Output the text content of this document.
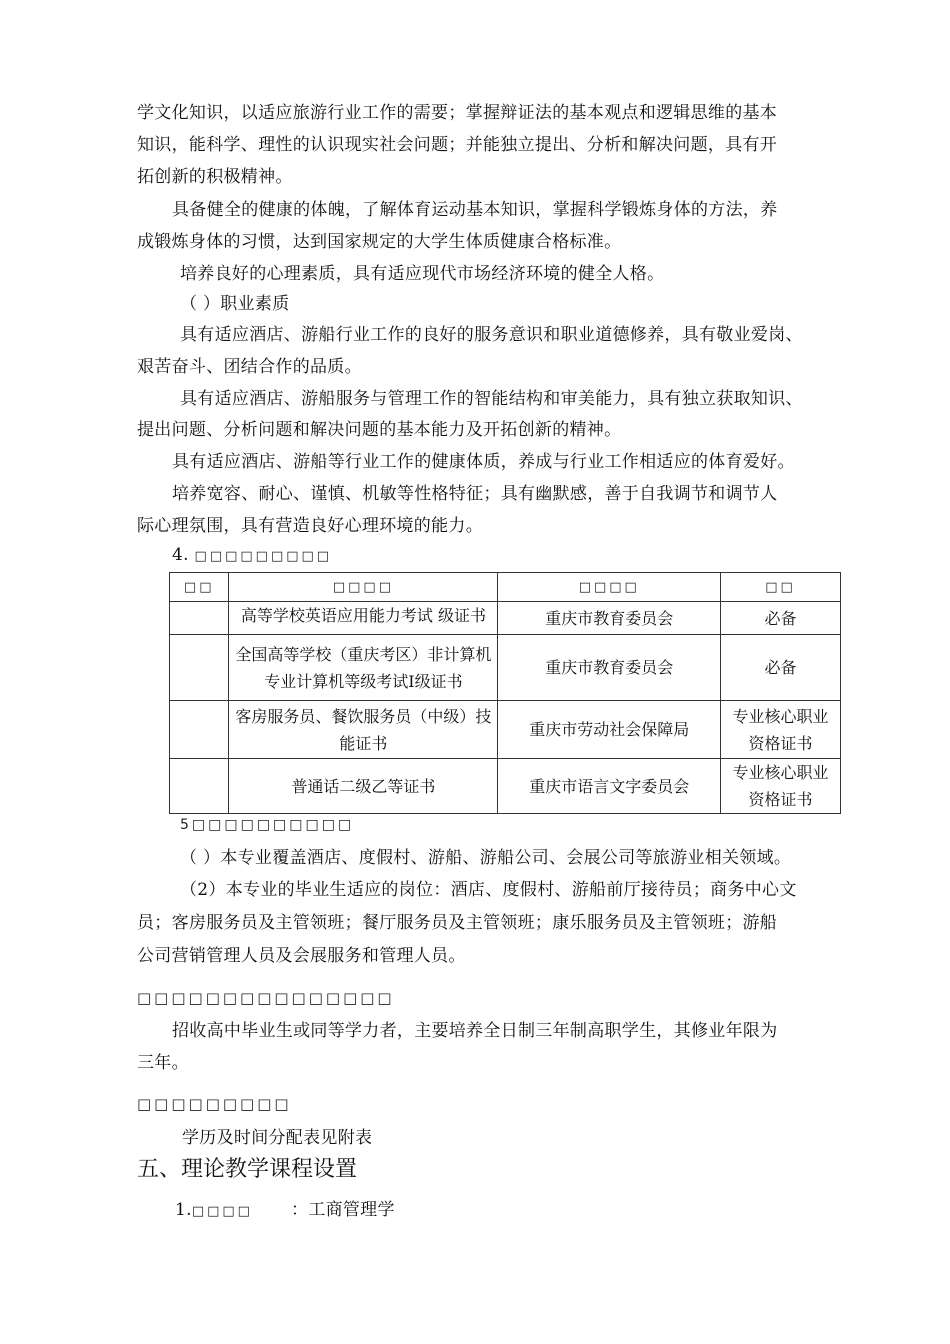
学文化知识，以适应旅游行业工作的需要；掌握辩证法的基本观点和逻辑思维的基本
知识，能科学、理性的认识现实社会问题；并能独立提出、分析和解决问题，具有开
拓创新的积极精神。
具备健全的健康的体魄，了解体育运动基本知识，掌握科学锻炼身体的方法，养
成锻炼身体的习惯，达到国家规定的大学生体质健康合格标准。
培养良好的心理素质，具有适应现代市场经济环境的健全人格。
（ ）职业素质
具有适应酒店、游船行业工作的良好的服务意识和职业道德修养，具有敬业爱岗、
艰苦奋斗、团结合作的品质。
具有适应酒店、游船服务与管理工作的智能结构和审美能力，具有独立获取知识、
提出问题、分析问题和解决问题的基本能力及开拓创新的精神。
具有适应酒店、游船等行业工作的健康体质，养成与行业工作相适应的体育爱好。
培养宽容、耐心、谨慎、机敏等性格特征；具有幽默感，善于自我调节和调节人
际心理氛围，具有营造良好心理环境的能力。
4. □□□□□□□□□
□□	□□□□	□□□□	□□
	高等学校英语应用能力考试 级证书	重庆市教育委员会	必备
	全国高等学校（重庆考区）非计算机专业计算机等级考试Ⅰ级证书	重庆市教育委员会	必备
	客房服务员、餐饮服务员（中级）技能证书	重庆市劳动社会保障局	专业核心职业资格证书
	普通话二级乙等证书	重庆市语言文字委员会	专业核心职业资格证书
5□□□□□□□□□□
（ ）本专业覆盖酒店、度假村、游船、游船公司、会展公司等旅游业相关领域。
（2）本专业的毕业生适应的岗位：酒店、度假村、游船前厅接待员；商务中心文
员；客房服务员及主管领班；餐厅服务员及主管领班；康乐服务员及主管领班；游船
公司营销管理人员及会展服务和管理人员。
□□□□□□□□□□□□□□□
招收高中毕业生或同等学力者，主要培养全日制三年制高职学生，其修业年限为
三年。
□□□□□□□□□
学历及时间分配表见附表
五、理论教学课程设置
1.□□□□ ：工商管理学
